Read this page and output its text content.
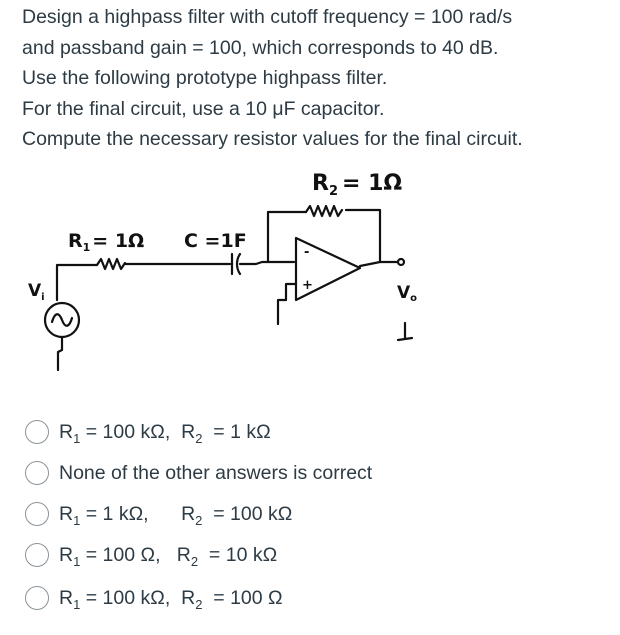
Design a highpass filter with cutoff frequency = 100 rad/s
and passband gain = 100, which corresponds to 40 dB.
Use the following prototype highpass filter.
For the final circuit, use a 10 μF capacitor.
Compute the necessary resistor values for the final circuit.
$R_2 = 1\Omega$
$R_1 = 1\Omega$ C =1F
$V_i$	Vo
-
+
$R_1 = 100$ kΩ,  $R_2 = 1$ kΩ
None of the other answers is correct
$R_1 = 1$ kΩ,      $R_2 = 100$ kΩ
$R_1 = 100$ Ω,   $R_2 = 10$ kΩ
$R_1 = 100$ kΩ,  $R_2 = 100$ Ω
